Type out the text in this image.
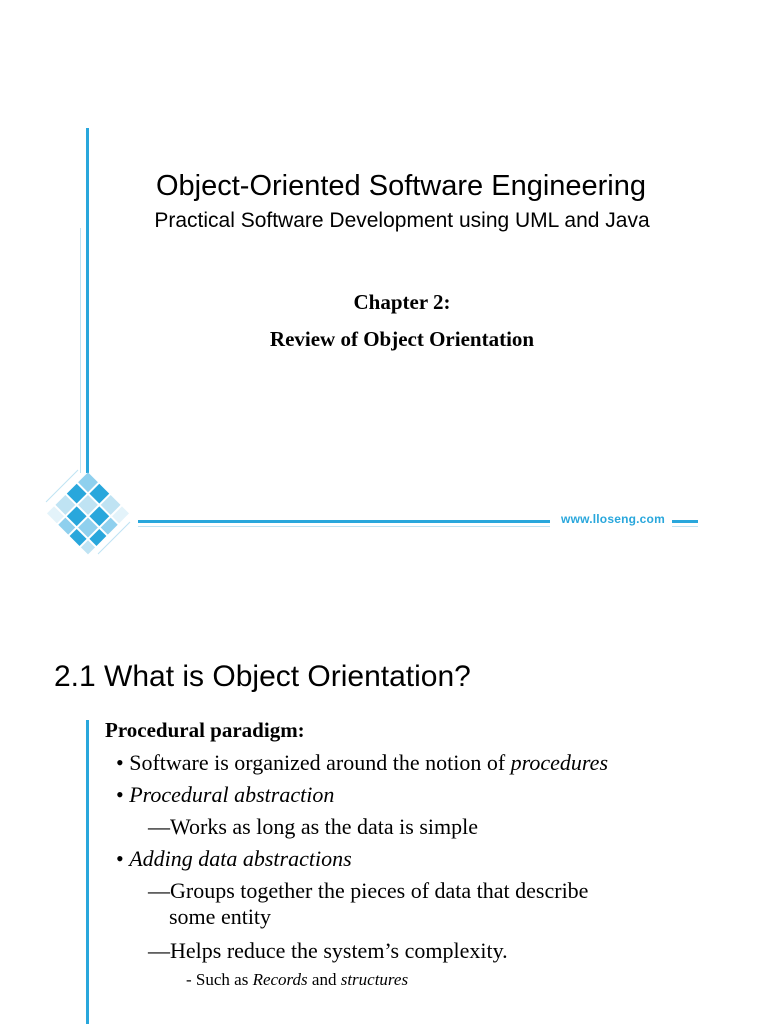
www.lloseng.com
Object-Oriented Software Engineering
Practical Software Development using UML and Java
Chapter 2:
Review of Object Orientation
2.1 What is Object Orientation?
Procedural paradigm:
• Software is organized around the notion of procedures
• Procedural abstraction
—Works as long as the data is simple
• Adding data abstractions
—Groups together the pieces of data that describe
some entity
—Helps reduce the system’s complexity.
- Such as Records and structures
